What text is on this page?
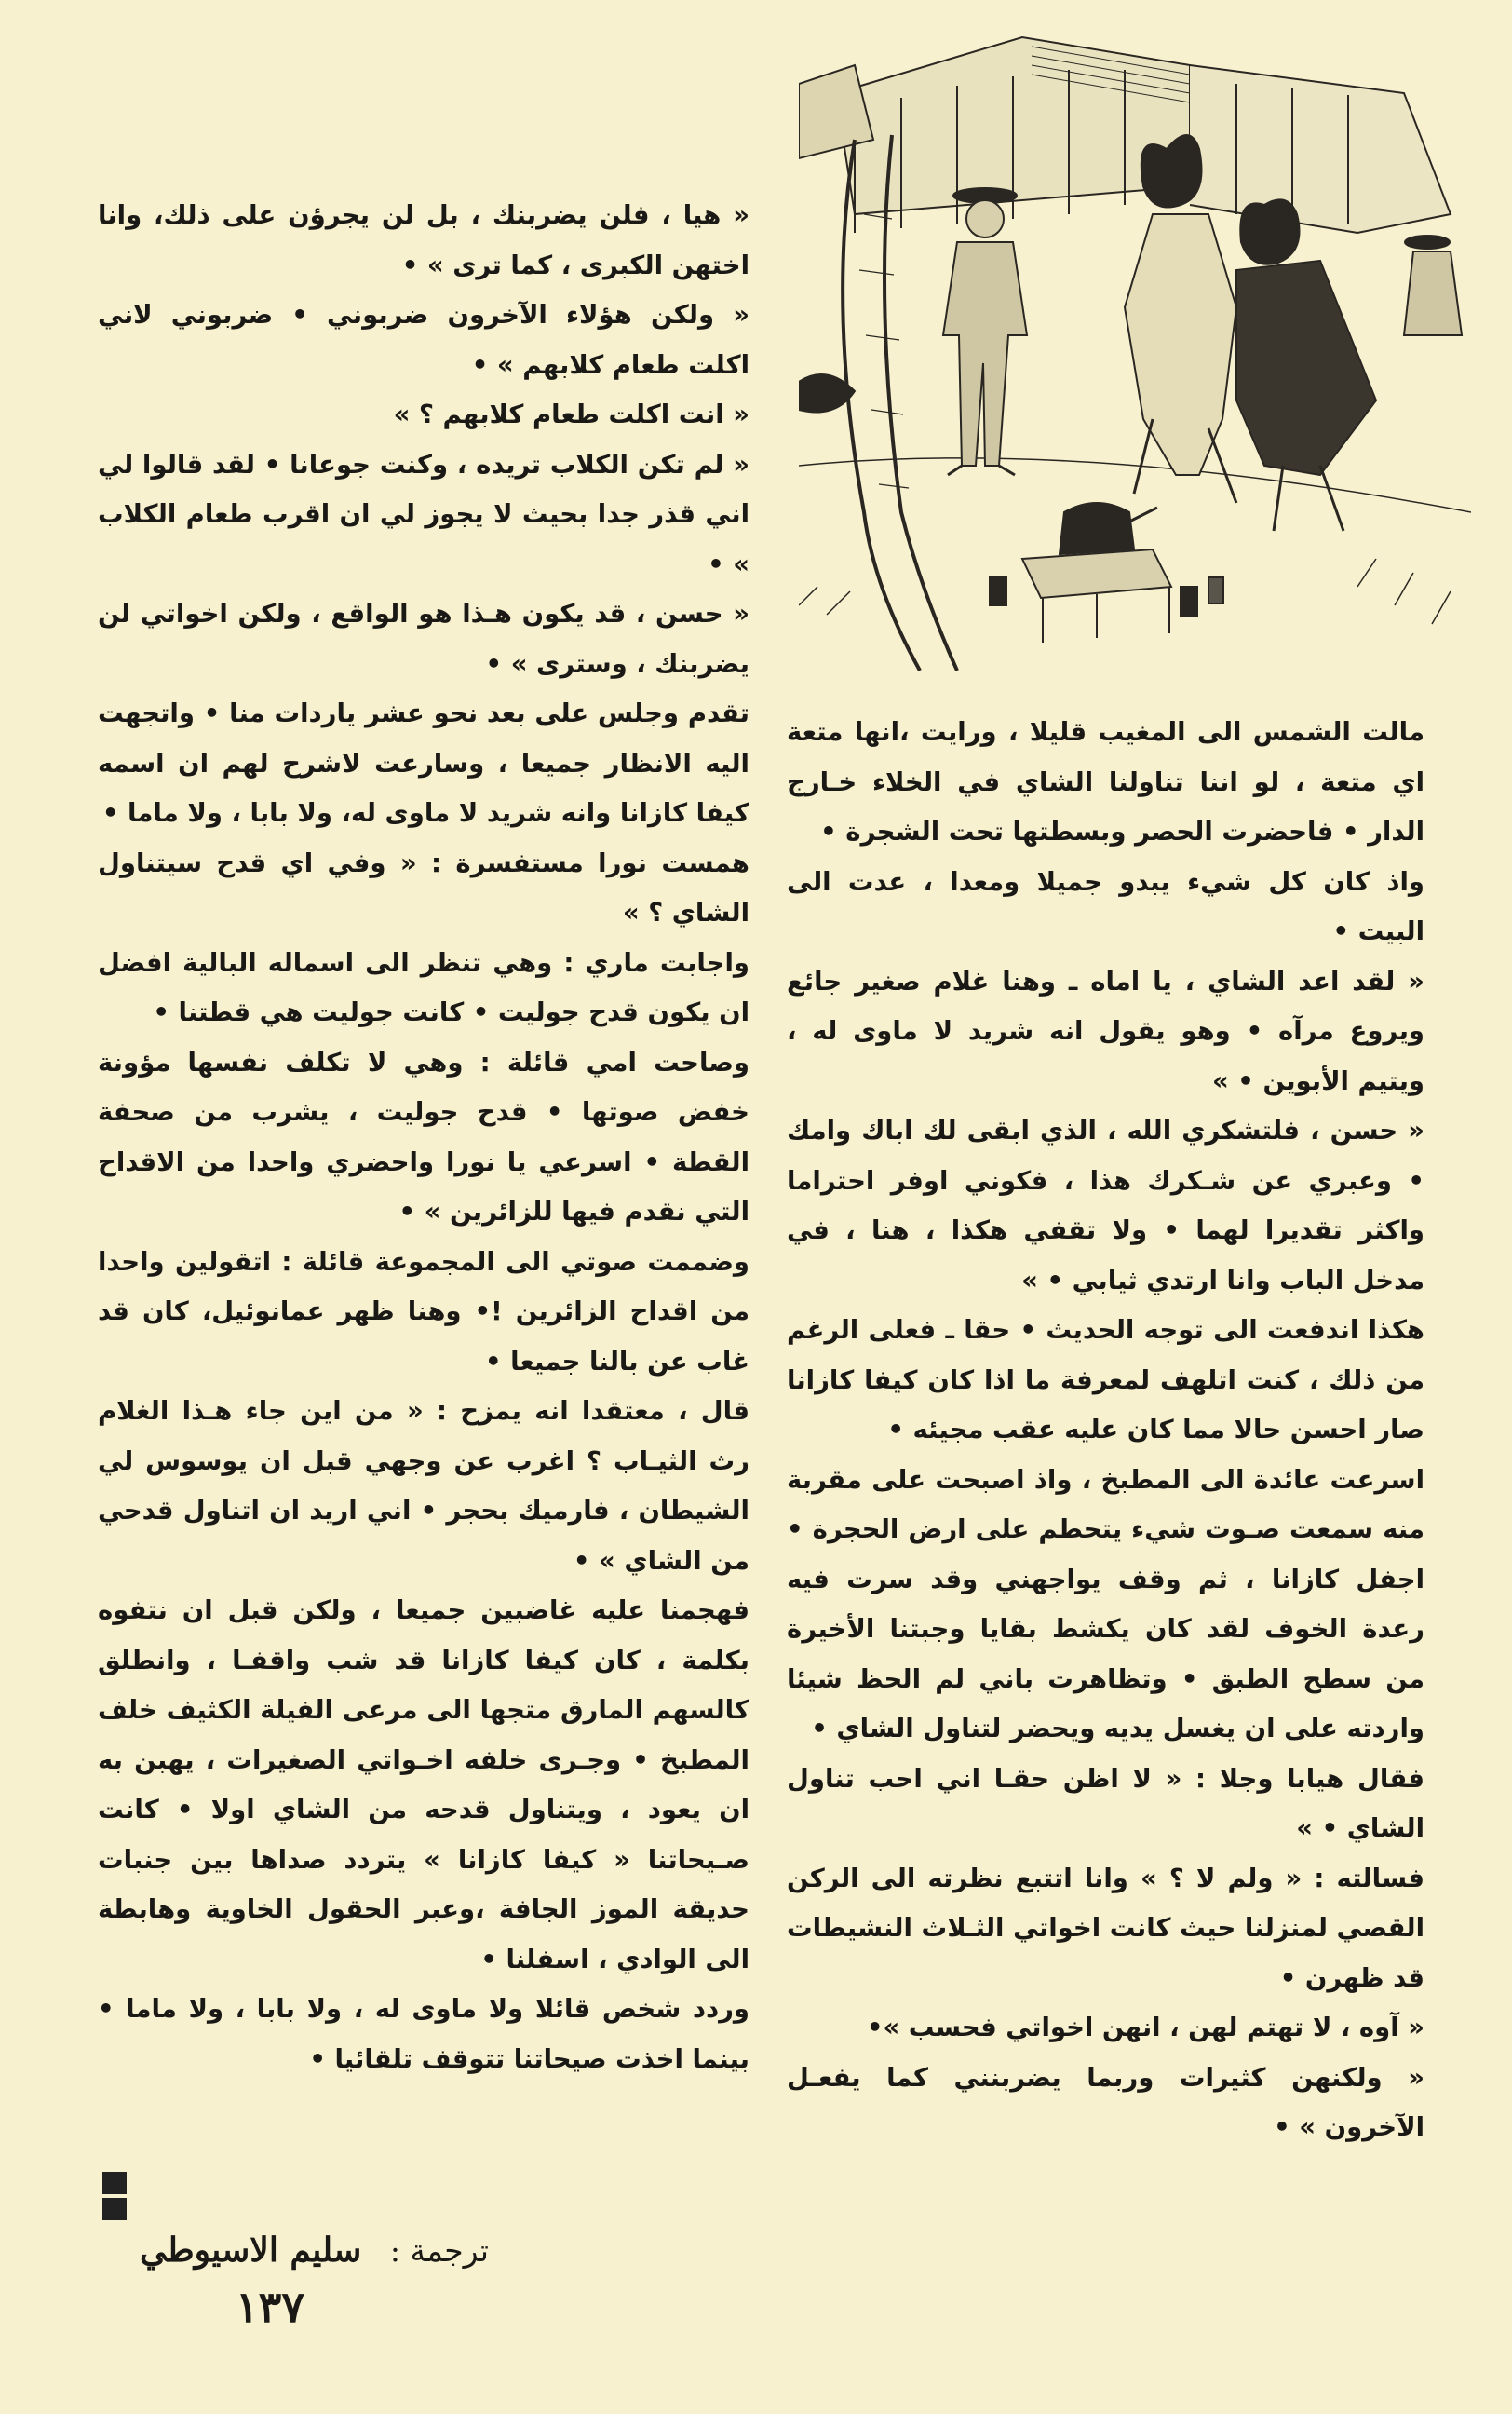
مالت الشمس الى المغيب قليلا ، ورايت ،انها متعة اي متعة ، لو اننا تناولنا الشاي في الخلاء خـارج الدار • فاحضرت الحصر وبسطتها تحت الشجرة •

واذ كان كل شيء يبدو جميلا ومعدا ، عدت الى البيت •

« لقد اعد الشاي ، يا اماه ـ وهنا غلام صغير جائع ويروع مرآه • وهو يقول انه شريد لا ماوى له ، ويتيم الأبوين • »

« حسن ، فلتشكري الله ، الذي ابقى لك اباك وامك • وعبري عن شـكرك هذا ، فكوني اوفر احتراما واكثر تقديرا لهما • ولا تقفي هكذا ، هنا ، في مدخل الباب وانا ارتدي ثيابي • »

هكذا اندفعت الى توجه الحديث • حقا ـ فعلى الرغم من ذلك ، كنت اتلهف لمعرفة ما اذا كان كيفا كازانا صار احسن حالا مما كان عليه عقب مجيئه •

اسرعت عائدة الى المطبخ ، واذ اصبحت على مقربة منه سمعت صـوت شيء يتحطم على ارض الحجرة • اجفل كازانا ، ثم وقف يواجهني وقد سرت فيه رعدة الخوف لقد كان يكشط بقايا وجبتنا الأخيرة من سطح الطبق • وتظاهرت باني لم الحظ شيئا واردته على ان يغسل يديه ويحضر لتناول الشاي •

فقال هيابا وجلا : « لا اظن حقـا اني احب تناول الشاي • »

فسالته : « ولم لا ؟ » وانا اتتبع نظرته الى الركن القصي لمنزلنا حيث كانت اخواتي الثـلاث النشيطات قد ظهرن •

« آوه ، لا تهتم لهن ، انهن اخواتي فحسب »•

« ولكنهن كثيرات وربما يضربنني كما يفعـل الآخرون » •

« هيا ، فلن يضربنك ، بل لن يجرؤن على ذلك، وانا اختهن الكبرى ، كما ترى » •

« ولكن هؤلاء الآخرون ضربوني • ضربوني لاني اكلت طعام كلابهم » •

« انت اكلت طعام كلابهم ؟ »

« لم تكن الكلاب تريده ، وكنت جوعانا • لقد قالوا لي اني قذر جدا بحيث لا يجوز لي ان اقرب طعام الكلاب » •

« حسن ، قد يكون هـذا هو الواقع ، ولكن اخواتي لن يضربنك ، وسترى » •

تقدم وجلس على بعد نحو عشر ياردات منا • واتجهت اليه الانظار جميعا ، وسارعت لاشرح لهم ان اسمه كيفا كازانا وانه شريد لا ماوى له، ولا بابا ، ولا ماما •

همست نورا مستفسرة : « وفي اي قدح سيتناول الشاي ؟ »

واجابت ماري : وهي تنظر الى اسماله البالية افضل ان يكون قدح جوليت • كانت جوليت هي قطتنا •

وصاحت امي قائلة : وهي لا تكلف نفسها مؤونة خفض صوتها • قدح جوليت ، يشرب من صحفة القطة • اسرعي يا نورا واحضري واحدا من الاقداح التي نقدم فيها للزائرين » •

وضممت صوتي الى المجموعة قائلة : اتقولين واحدا من اقداح الزائرين !• وهنا ظهر عمانوئيل، كان قد غاب عن بالنا جميعا •

قال ، معتقدا انه يمزح : « من اين جاء هـذا الغلام رث الثيـاب ؟ اغرب عن وجهي قبل ان يوسوس لي الشيطان ، فارميك بحجر • اني اريد ان اتناول قدحي من الشاي » •

فهجمنا عليه غاضبين جميعا ، ولكن قبل ان نتفوه بكلمة ، كان كيفا كازانا قد شب واقفـا ، وانطلق كالسهم المارق متجها الى مرعى الفيلة الكثيف خلف المطبخ • وجـرى خلفه اخـواتي الصغيرات ، يهبن به ان يعود ، ويتناول قدحه من الشاي اولا • كانت صـيحاتنا « كيفا كازانا » يتردد صداها بين جنبات حديقة الموز الجافة ،وعبر الحقول الخاوية وهابطة الى الوادي ، اسفلنا •

وردد شخص قائلا ولا ماوى له ، ولا بابا ، ولا ماما • بينما اخذت صيحاتنا تتوقف تلقائيا •

ترجمة : سليم الاسيوطي
١٣٧
